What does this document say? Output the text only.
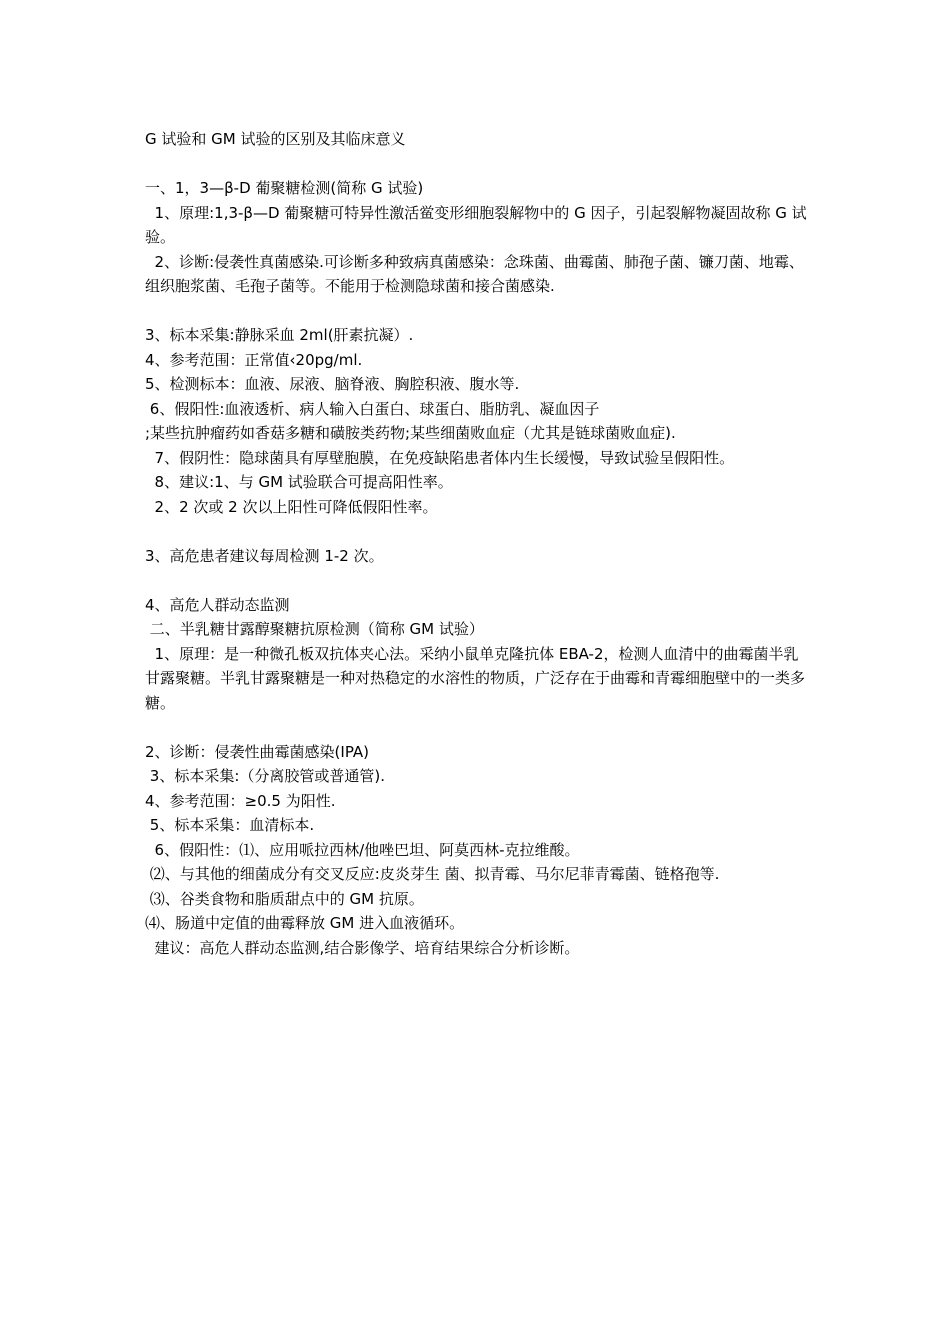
G 试验和 GM 试验的区别及其临床意义

一、1，3—β-D 葡聚糖检测(简称 G 试验)

1、原理:1,3-β—D 葡聚糖可特异性激活鲎变形细胞裂解物中的 G 因子，引起裂解物凝固故称 G 试验。

2、诊断:侵袭性真菌感染.可诊断多种致病真菌感染：念珠菌、曲霉菌、肺孢子菌、镰刀菌、地霉、组织胞浆菌、毛孢子菌等。不能用于检测隐球菌和接合菌感染.

3、标本采集:静脉采血 2ml(肝素抗凝）.

4、参考范围：正常值‹20pg/ml.

5、检测标本：血液、尿液、脑脊液、胸腔积液、腹水等.

6、假阳性:血液透析、病人输入白蛋白、球蛋白、脂肪乳、凝血因子

;某些抗肿瘤药如香菇多糖和磺胺类药物;某些细菌败血症（尤其是链球菌败血症).

7、假阴性：隐球菌具有厚壁胞膜，在免疫缺陷患者体内生长缓慢，导致试验呈假阳性。

8、建议:1、与 GM 试验联合可提高阳性率。

2、2 次或 2 次以上阳性可降低假阳性率。

3、高危患者建议每周检测 1-2 次。

4、高危人群动态监测

二、半乳糖甘露醇聚糖抗原检测（简称 GM 试验）

1、原理：是一种微孔板双抗体夹心法。采纳小鼠单克隆抗体 EBA-2，检测人血清中的曲霉菌半乳甘露聚糖。半乳甘露聚糖是一种对热稳定的水溶性的物质，广泛存在于曲霉和青霉细胞壁中的一类多糖。

2、诊断：侵袭性曲霉菌感染(IPA)

3、标本采集:（分离胶管或普通管).

4、参考范围：≥0.5 为阳性.

5、标本采集：血清标本.

6、假阳性：⑴、应用哌拉西林/他唑巴坦、阿莫西林-克拉维酸。

⑵、与其他的细菌成分有交叉反应:皮炎芽生 菌、拟青霉、马尔尼菲青霉菌、链格孢等.

⑶、谷类食物和脂质甜点中的 GM 抗原。

⑷、肠道中定值的曲霉释放 GM 进入血液循环。

建议：高危人群动态监测,结合影像学、培育结果综合分析诊断。
